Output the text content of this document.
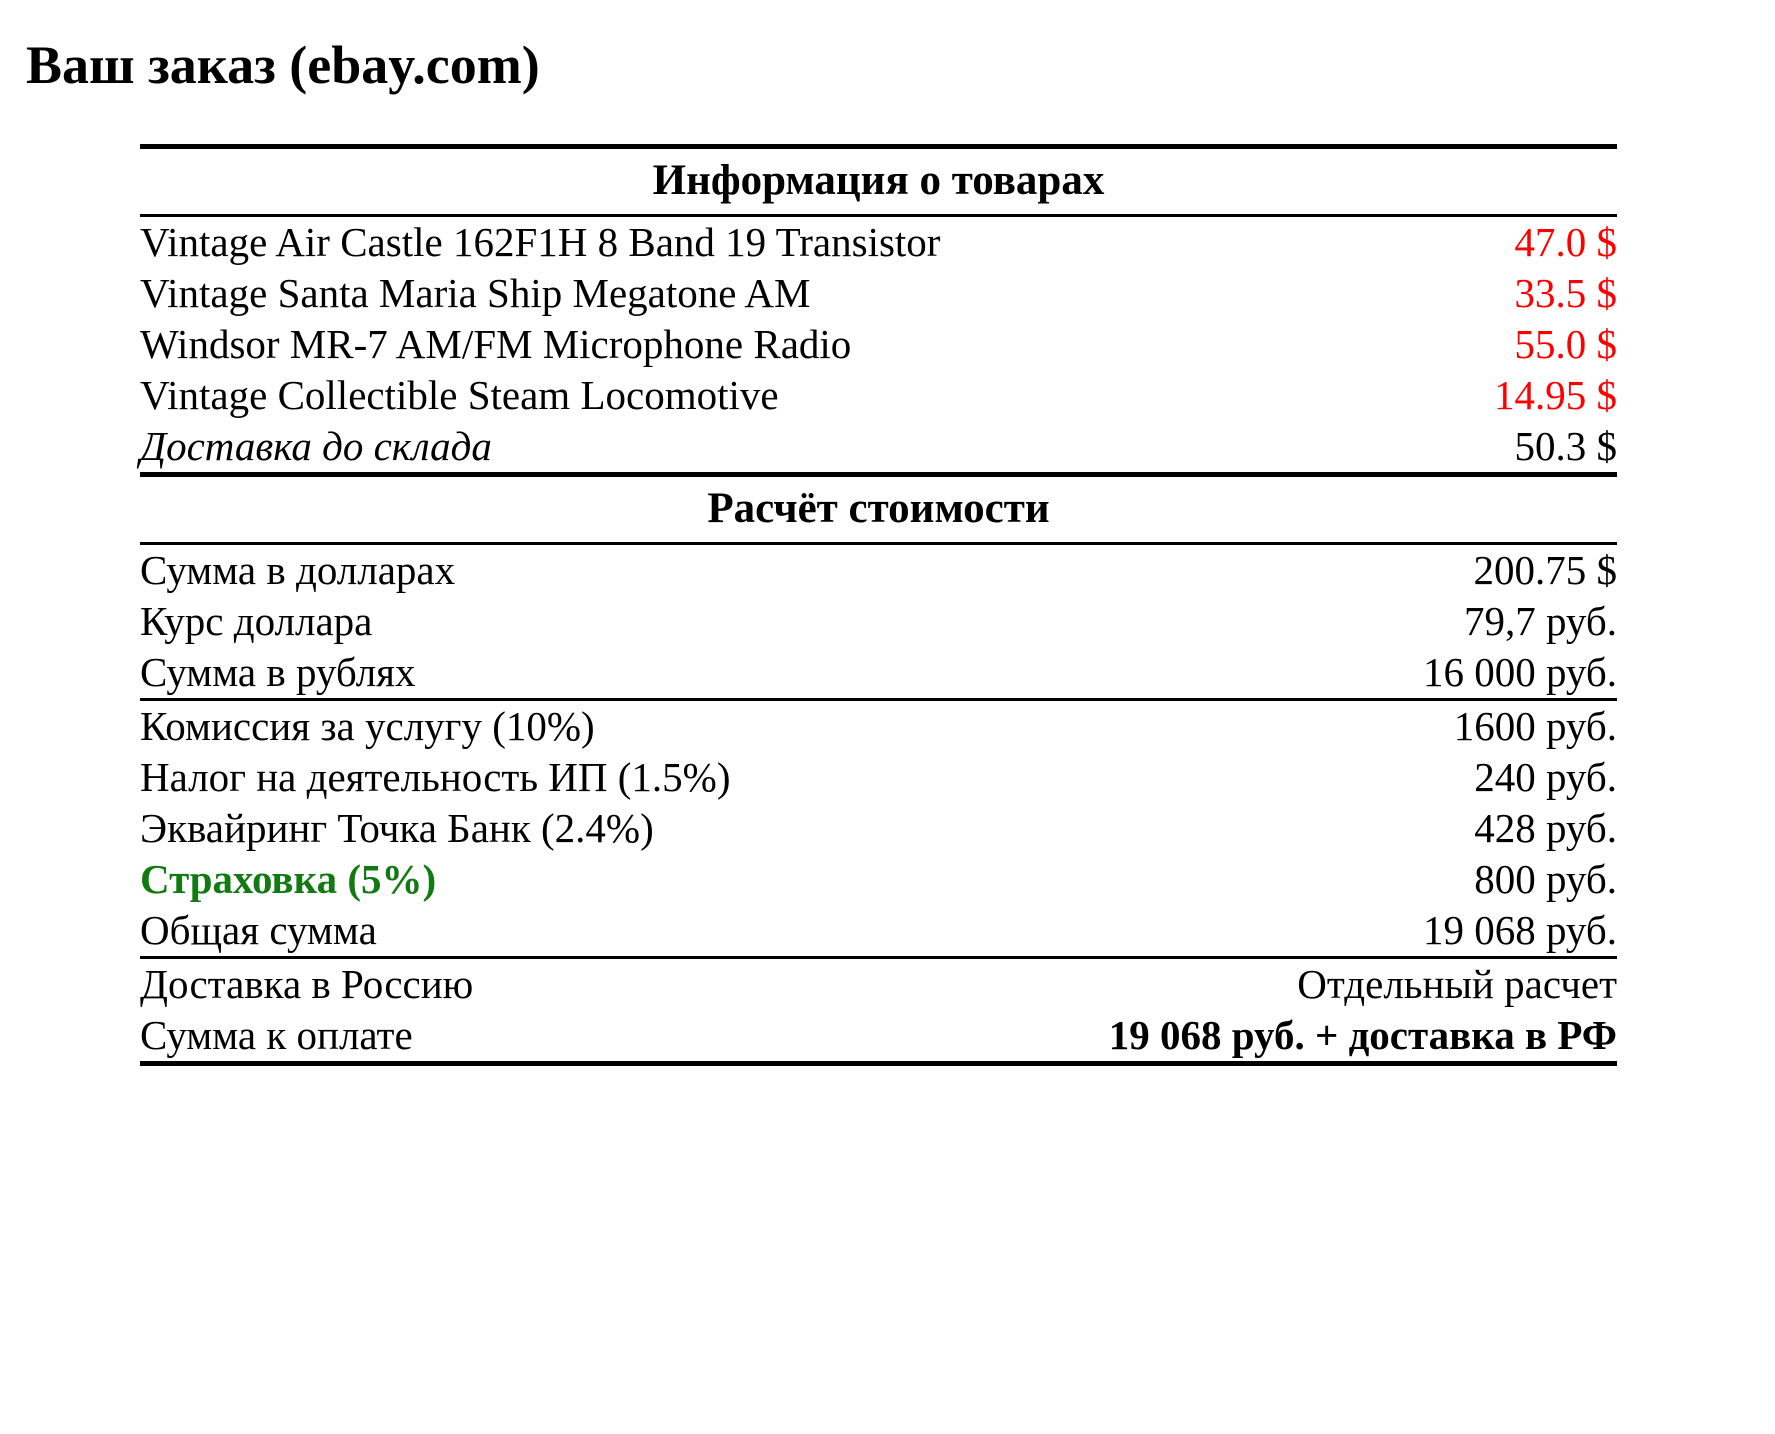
Ваш заказ (ebay.com)
Информация о товарах	
Vintage Air Castle 162F1H 8 Band 19 Transistor	47.0 $
Vintage Santa Maria Ship Megatone AM	33.5 $
Windsor MR-7 AM/FM Microphone Radio	55.0 $
Vintage Collectible Steam Locomotive	14.95 $
Доставка до склада	50.3 $
Расчёт стоимости	
Сумма в долларах	200.75 $
Курс доллара	79,7 руб.
Сумма в рублях	16 000 руб.
Комиссия за услугу (10%)	1600 руб.
Налог на деятельность ИП (1.5%)	240 руб.
Эквайринг Точка Банк (2.4%)	428 руб.
Страховка (5%)	800 руб.
Общая сумма	19 068 руб.
Доставка в Россию	Отдельный расчет
Сумма к оплате	19 068 руб. + доставка в РФ
